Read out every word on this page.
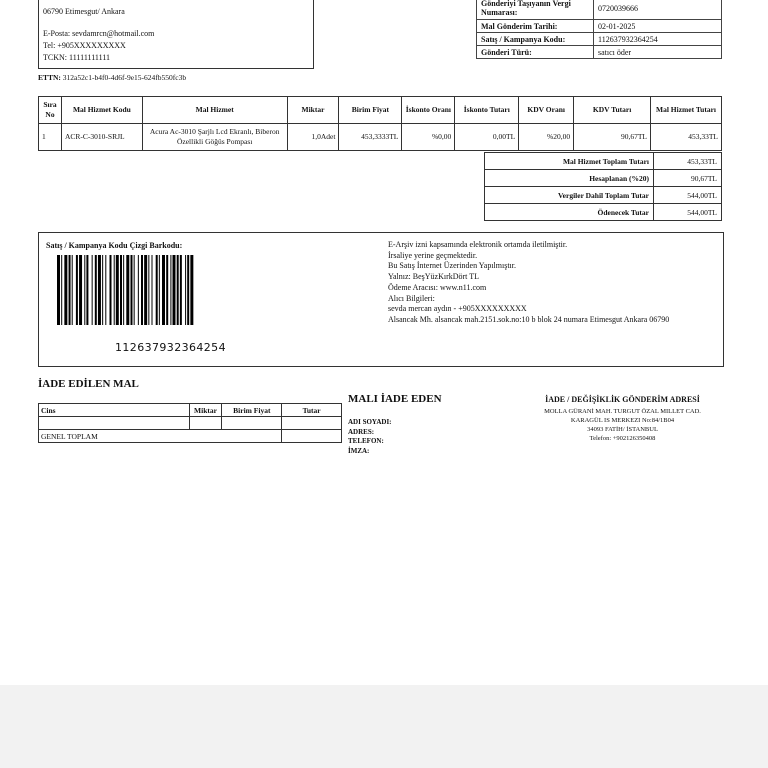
06790 Etimesgut/ Ankara
E-Posta: sevdamrcn@hotmail.com
Tel: +905XXXXXXXXX
TCKN: 11111111111
ETTN: 312a52c1-b4f0-4d6f-9e15-624fb550fc3b
Gönderiyi Taşıyanın Vergi Numarası:	0720039666
Mal Gönderim Tarihi:	02-01-2025
Satış / Kampanya Kodu:	112637932364254
Gönderi Türü:	satıcı öder
Sıra No	Mal Hizmet Kodu	Mal Hizmet	Miktar	Birim Fiyat	İskonto Oranı	İskonto Tutarı	KDV Oranı	KDV Tutarı	Mal Hizmet Tutarı
1	ACR-C-3010-SRJL	Acura Ac-3010 Şarjlı Lcd Ekranlı, Biberon Özellikli Göğüs Pompası	1,0Adet	453,3333TL	%0,00	0,00TL	%20,00	90,67TL	453,33TL
Mal Hizmet Toplam Tutarı	453,33TL
Hesaplanan (%20)	90,67TL
Vergiler Dahil Toplam Tutar	544,00TL
Ödenecek Tutar	544,00TL
Satış / Kampanya Kodu Çizgi Barkodu:
112637932364254
E-Arşiv izni kapsamında elektronik ortamda iletilmiştir.
İrsaliye yerine geçmektedir.
Bu Satış İnternet Üzerinden Yapılmıştır.
Yalnız: BeşYüzKırkDört TL
Ödeme Aracısı: www.n11.com
Alıcı Bilgileri:
sevda mercan aydın - +905XXXXXXXXX
Alsancak Mh. alsancak mah.2151.sok.no:10 b blok 24 numara Etimesgut Ankara 06790
İADE EDİLEN MAL
Cins	Miktar	Birim Fiyat	Tutar

GENEL TOPLAM			
MALI İADE EDEN
ADI SOYADI:
ADRES:
TELEFON:
İMZA:
İADE / DEĞİŞİKLİK GÖNDERİM ADRESİ
MOLLA GÜRANİ MAH. TURGUT ÖZAL MILLET CAD.
KARAGÜL IS MERKEZI No:84/1B04
34093 FATİH/ İSTANBUL
Telefon: +902126350408
